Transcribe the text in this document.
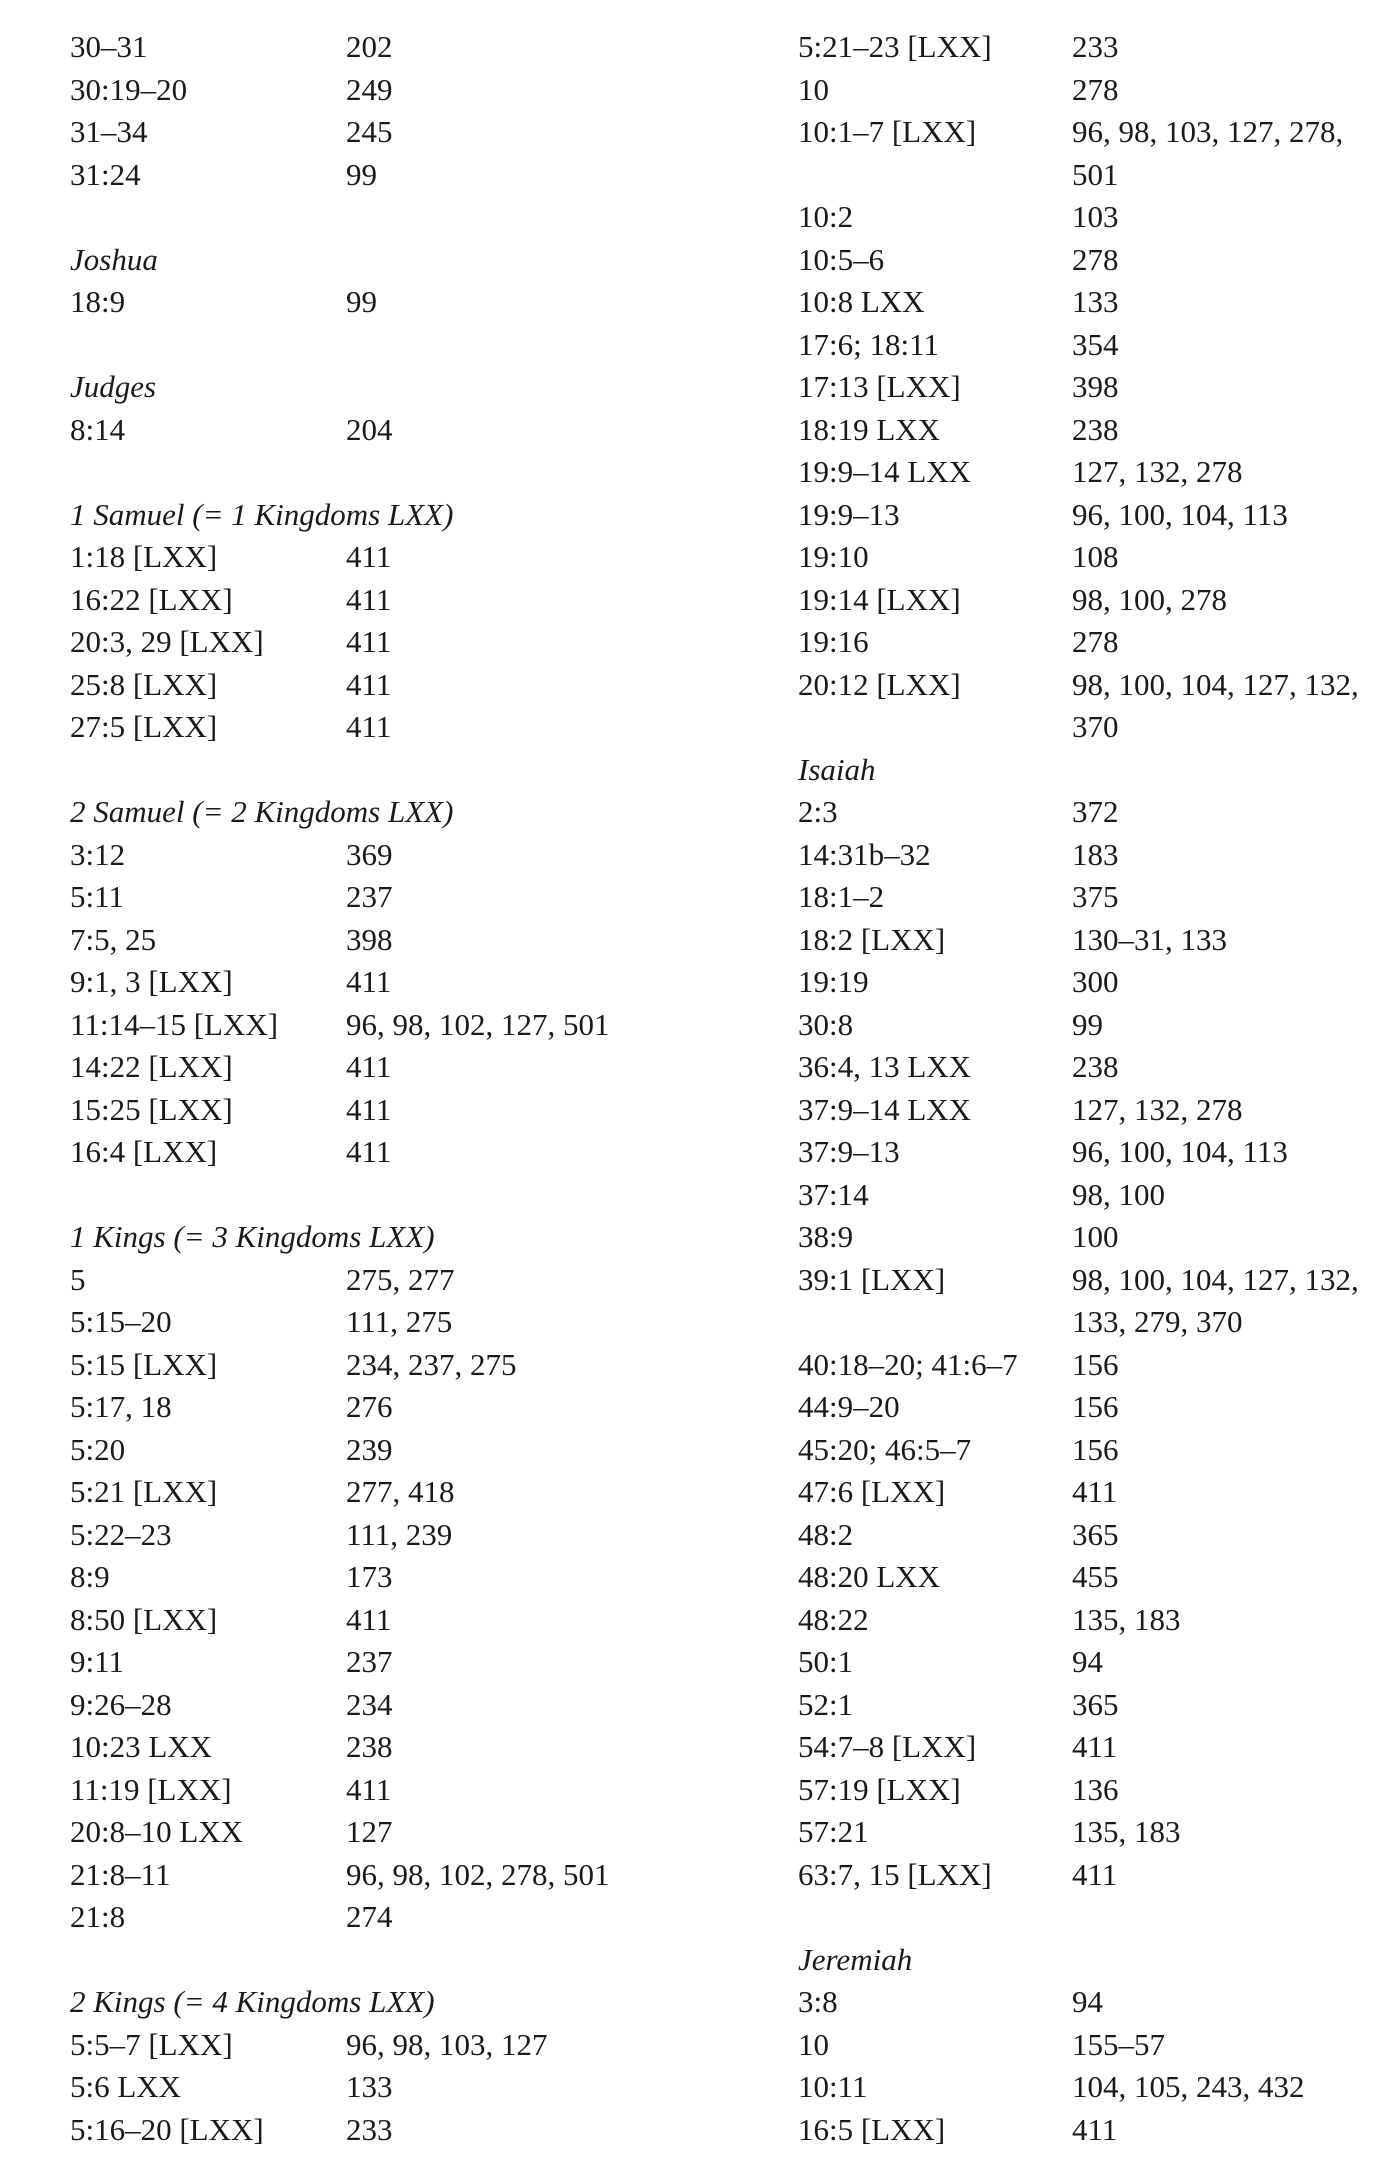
30–31	202
30:19–20	249
31–34	245
31:24	99
Joshua
18:9	99
Judges
8:14	204
1 Samuel (= 1 Kingdoms LXX)
1:18 [LXX]	411
16:22 [LXX]	411
20:3, 29 [LXX]	411
25:8 [LXX]	411
27:5 [LXX]	411
2 Samuel (= 2 Kingdoms LXX)
3:12	369
5:11	237
7:5, 25	398
9:1, 3 [LXX]	411
11:14–15 [LXX] 96, 98, 102, 127, 501
14:22 [LXX]	411
15:25 [LXX]	411
16:4 [LXX]	411
1 Kings (= 3 Kingdoms LXX)
5	275, 277
5:15–20	111, 275
5:15 [LXX]	234, 237, 275
5:17, 18	276
5:20	239
5:21 [LXX]	277, 418
5:22–23	111, 239
8:9	173
8:50 [LXX]	411
9:11	237
9:26–28	234
10:23 LXX	238
11:19 [LXX]	411
20:8–10 LXX	127
21:8–11	96, 98, 102, 278, 501
21:8	274
2 Kings (= 4 Kingdoms LXX)
5:5–7 [LXX]	96, 98, 103, 127
5:6 LXX	133
5:16–20 [LXX]	233
5:21–23 [LXX]	233
10	278
10:1–7 [LXX]	96, 98, 103, 127, 278,
501
10:2	103
10:5–6	278
10:8 LXX	133
17:6; 18:11	354
17:13 [LXX]	398
18:19 LXX	238
19:9–14 LXX	127, 132, 278
19:9–13	96, 100, 104, 113
19:10	108
19:14 [LXX]	98, 100, 278
19:16	278
20:12 [LXX]	98, 100, 104, 127, 132,
370
Isaiah
2:3	372
14:31b–32	183
18:1–2	375
18:2 [LXX]	130–31, 133
19:19	300
30:8	99
36:4, 13 LXX	238
37:9–14 LXX	127, 132, 278
37:9–13	96, 100, 104, 113
37:14	98, 100
38:9	100
39:1 [LXX]	98, 100, 104, 127, 132,
133, 279, 370
40:18–20; 41:6–7 156
44:9–20	156
45:20; 46:5–7	156
47:6 [LXX]	411
48:2	365
48:20 LXX	455
48:22	135, 183
50:1	94
52:1	365
54:7–8 [LXX]	411
57:19 [LXX]	136
57:21	135, 183
63:7, 15 [LXX]	411
Jeremiah
3:8	94
10	155–57
10:11	104, 105, 243, 432
16:5 [LXX]	411
